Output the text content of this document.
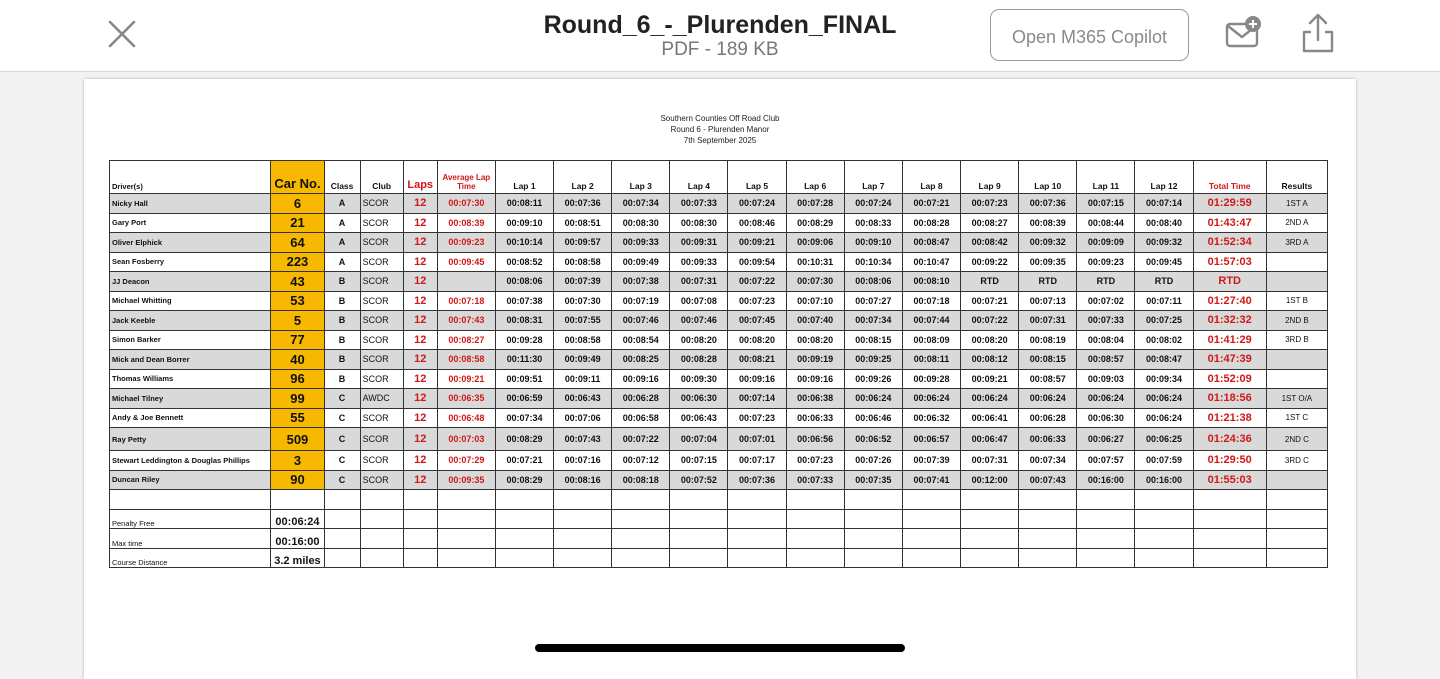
Round_6_-_Plurenden_FINAL
PDF - 189 KB
Open M365 Copilot
Southern Counties Off Road Club
Round 6 - Plurenden Manor
7th September 2025
Driver(s)	Car No.	Class	Club	Laps	Average Lap Time	Lap 1	Lap 2	Lap 3	Lap 4	Lap 5	Lap 6	Lap 7	Lap 8	Lap 9	Lap 10	Lap 11	Lap 12	Total Time	Results
Nicky Hall	6	A	SCOR	12	00:07:30	00:08:11	00:07:36	00:07:34	00:07:33	00:07:24	00:07:28	00:07:24	00:07:21	00:07:23	00:07:36	00:07:15	00:07:14	01:29:59	1ST A
Gary Port	21	A	SCOR	12	00:08:39	00:09:10	00:08:51	00:08:30	00:08:30	00:08:46	00:08:29	00:08:33	00:08:28	00:08:27	00:08:39	00:08:44	00:08:40	01:43:47	2ND A
Oliver Elphick	64	A	SCOR	12	00:09:23	00:10:14	00:09:57	00:09:33	00:09:31	00:09:21	00:09:06	00:09:10	00:08:47	00:08:42	00:09:32	00:09:09	00:09:32	01:52:34	3RD A
Sean Fosberry	223	A	SCOR	12	00:09:45	00:08:52	00:08:58	00:09:49	00:09:33	00:09:54	00:10:31	00:10:34	00:10:47	00:09:22	00:09:35	00:09:23	00:09:45	01:57:03	
JJ Deacon	43	B	SCOR	12		00:08:06	00:07:39	00:07:38	00:07:31	00:07:22	00:07:30	00:08:06	00:08:10	RTD	RTD	RTD	RTD	RTD	
Michael Whitting	53	B	SCOR	12	00:07:18	00:07:38	00:07:30	00:07:19	00:07:08	00:07:23	00:07:10	00:07:27	00:07:18	00:07:21	00:07:13	00:07:02	00:07:11	01:27:40	1ST B
Jack Keeble	5	B	SCOR	12	00:07:43	00:08:31	00:07:55	00:07:46	00:07:46	00:07:45	00:07:40	00:07:34	00:07:44	00:07:22	00:07:31	00:07:33	00:07:25	01:32:32	2ND B
Simon Barker	77	B	SCOR	12	00:08:27	00:09:28	00:08:58	00:08:54	00:08:20	00:08:20	00:08:20	00:08:15	00:08:09	00:08:20	00:08:19	00:08:04	00:08:02	01:41:29	3RD B
Mick and Dean Borrer	40	B	SCOR	12	00:08:58	00:11:30	00:09:49	00:08:25	00:08:28	00:08:21	00:09:19	00:09:25	00:08:11	00:08:12	00:08:15	00:08:57	00:08:47	01:47:39	
Thomas Williams	96	B	SCOR	12	00:09:21	00:09:51	00:09:11	00:09:16	00:09:30	00:09:16	00:09:16	00:09:26	00:09:28	00:09:21	00:08:57	00:09:03	00:09:34	01:52:09	
Michael Tilney	99	C	AWDC	12	00:06:35	00:06:59	00:06:43	00:06:28	00:06:30	00:07:14	00:06:38	00:06:24	00:06:24	00:06:24	00:06:24	00:06:24	00:06:24	01:18:56	1ST O/A
Andy & Joe Bennett	55	C	SCOR	12	00:06:48	00:07:34	00:07:06	00:06:58	00:06:43	00:07:23	00:06:33	00:06:46	00:06:32	00:06:41	00:06:28	00:06:30	00:06:24	01:21:38	1ST C
Ray Petty	509	C	SCOR	12	00:07:03	00:08:29	00:07:43	00:07:22	00:07:04	00:07:01	00:06:56	00:06:52	00:06:57	00:06:47	00:06:33	00:06:27	00:06:25	01:24:36	2ND C
Stewart Leddington & Douglas Phillips	3	C	SCOR	12	00:07:29	00:07:21	00:07:16	00:07:12	00:07:15	00:07:17	00:07:23	00:07:26	00:07:39	00:07:31	00:07:34	00:07:57	00:07:59	01:29:50	3RD C
Duncan Riley	90	C	SCOR	12	00:09:35	00:08:29	00:08:16	00:08:18	00:07:52	00:07:36	00:07:33	00:07:35	00:07:41	00:12:00	00:07:43	00:16:00	00:16:00	01:55:03	

Penalty Free	00:06:24																		
Max time	00:16:00																		
Course Distance	3.2 miles																		
